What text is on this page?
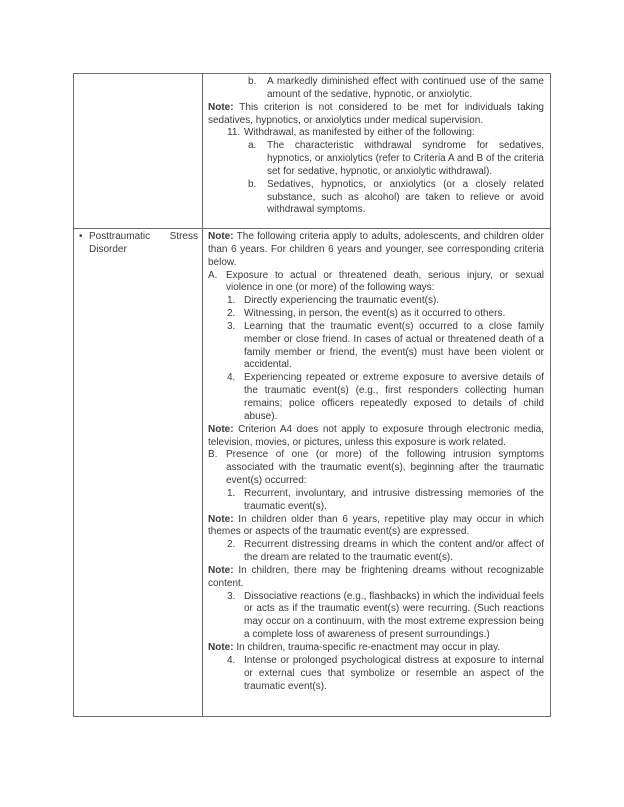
b. A markedly diminished effect with continued use of the same amount of the sedative, hypnotic, or anxiolytic.
Note: This criterion is not considered to be met for individuals taking sedatives, hypnotics, or anxiolytics under medical supervision.
11. Withdrawal, as manifested by either of the following:
a. The characteristic withdrawal syndrome for sedatives, hypnotics, or anxiolytics (refer to Criteria A and B of the criteria set for sedative, hypnotic, or anxiolytic withdrawal).
b. Sedatives, hypnotics, or anxiolytics (or a closely related substance, such as alcohol) are taken to relieve or avoid withdrawal symptoms.
• Posttraumatic Stress Disorder
Note: The following criteria apply to adults, adolescents, and children older than 6 years. For children 6 years and younger, see corresponding criteria below.
A. Exposure to actual or threatened death, serious injury, or sexual violence in one (or more) of the following ways:
1. Directly experiencing the traumatic event(s).
2. Witnessing, in person, the event(s) as it occurred to others.
3. Learning that the traumatic event(s) occurred to a close family member or close friend. In cases of actual or threatened death of a family member or friend, the event(s) must have been violent or accidental.
4. Experiencing repeated or extreme exposure to aversive details of the traumatic event(s) (e.g., first responders collecting human remains; police officers repeatedly exposed to details of child abuse).
Note: Criterion A4 does not apply to exposure through electronic media, television, movies, or pictures, unless this exposure is work related.
B. Presence of one (or more) of the following intrusion symptoms associated with the traumatic event(s), beginning after the traumatic event(s) occurred:
1. Recurrent, involuntary, and intrusive distressing memories of the traumatic event(s).
Note: In children older than 6 years, repetitive play may occur in which themes or aspects of the traumatic event(s) are expressed.
2. Recurrent distressing dreams in which the content and/or affect of the dream are related to the traumatic event(s).
Note: In children, there may be frightening dreams without recognizable content.
3. Dissociative reactions (e.g., flashbacks) in which the individual feels or acts as if the traumatic event(s) were recurring. (Such reactions may occur on a continuum, with the most extreme expression being a complete loss of awareness of present surroundings.)
Note: In children, trauma-specific re-enactment may occur in play.
4. Intense or prolonged psychological distress at exposure to internal or external cues that symbolize or resemble an aspect of the traumatic event(s).
